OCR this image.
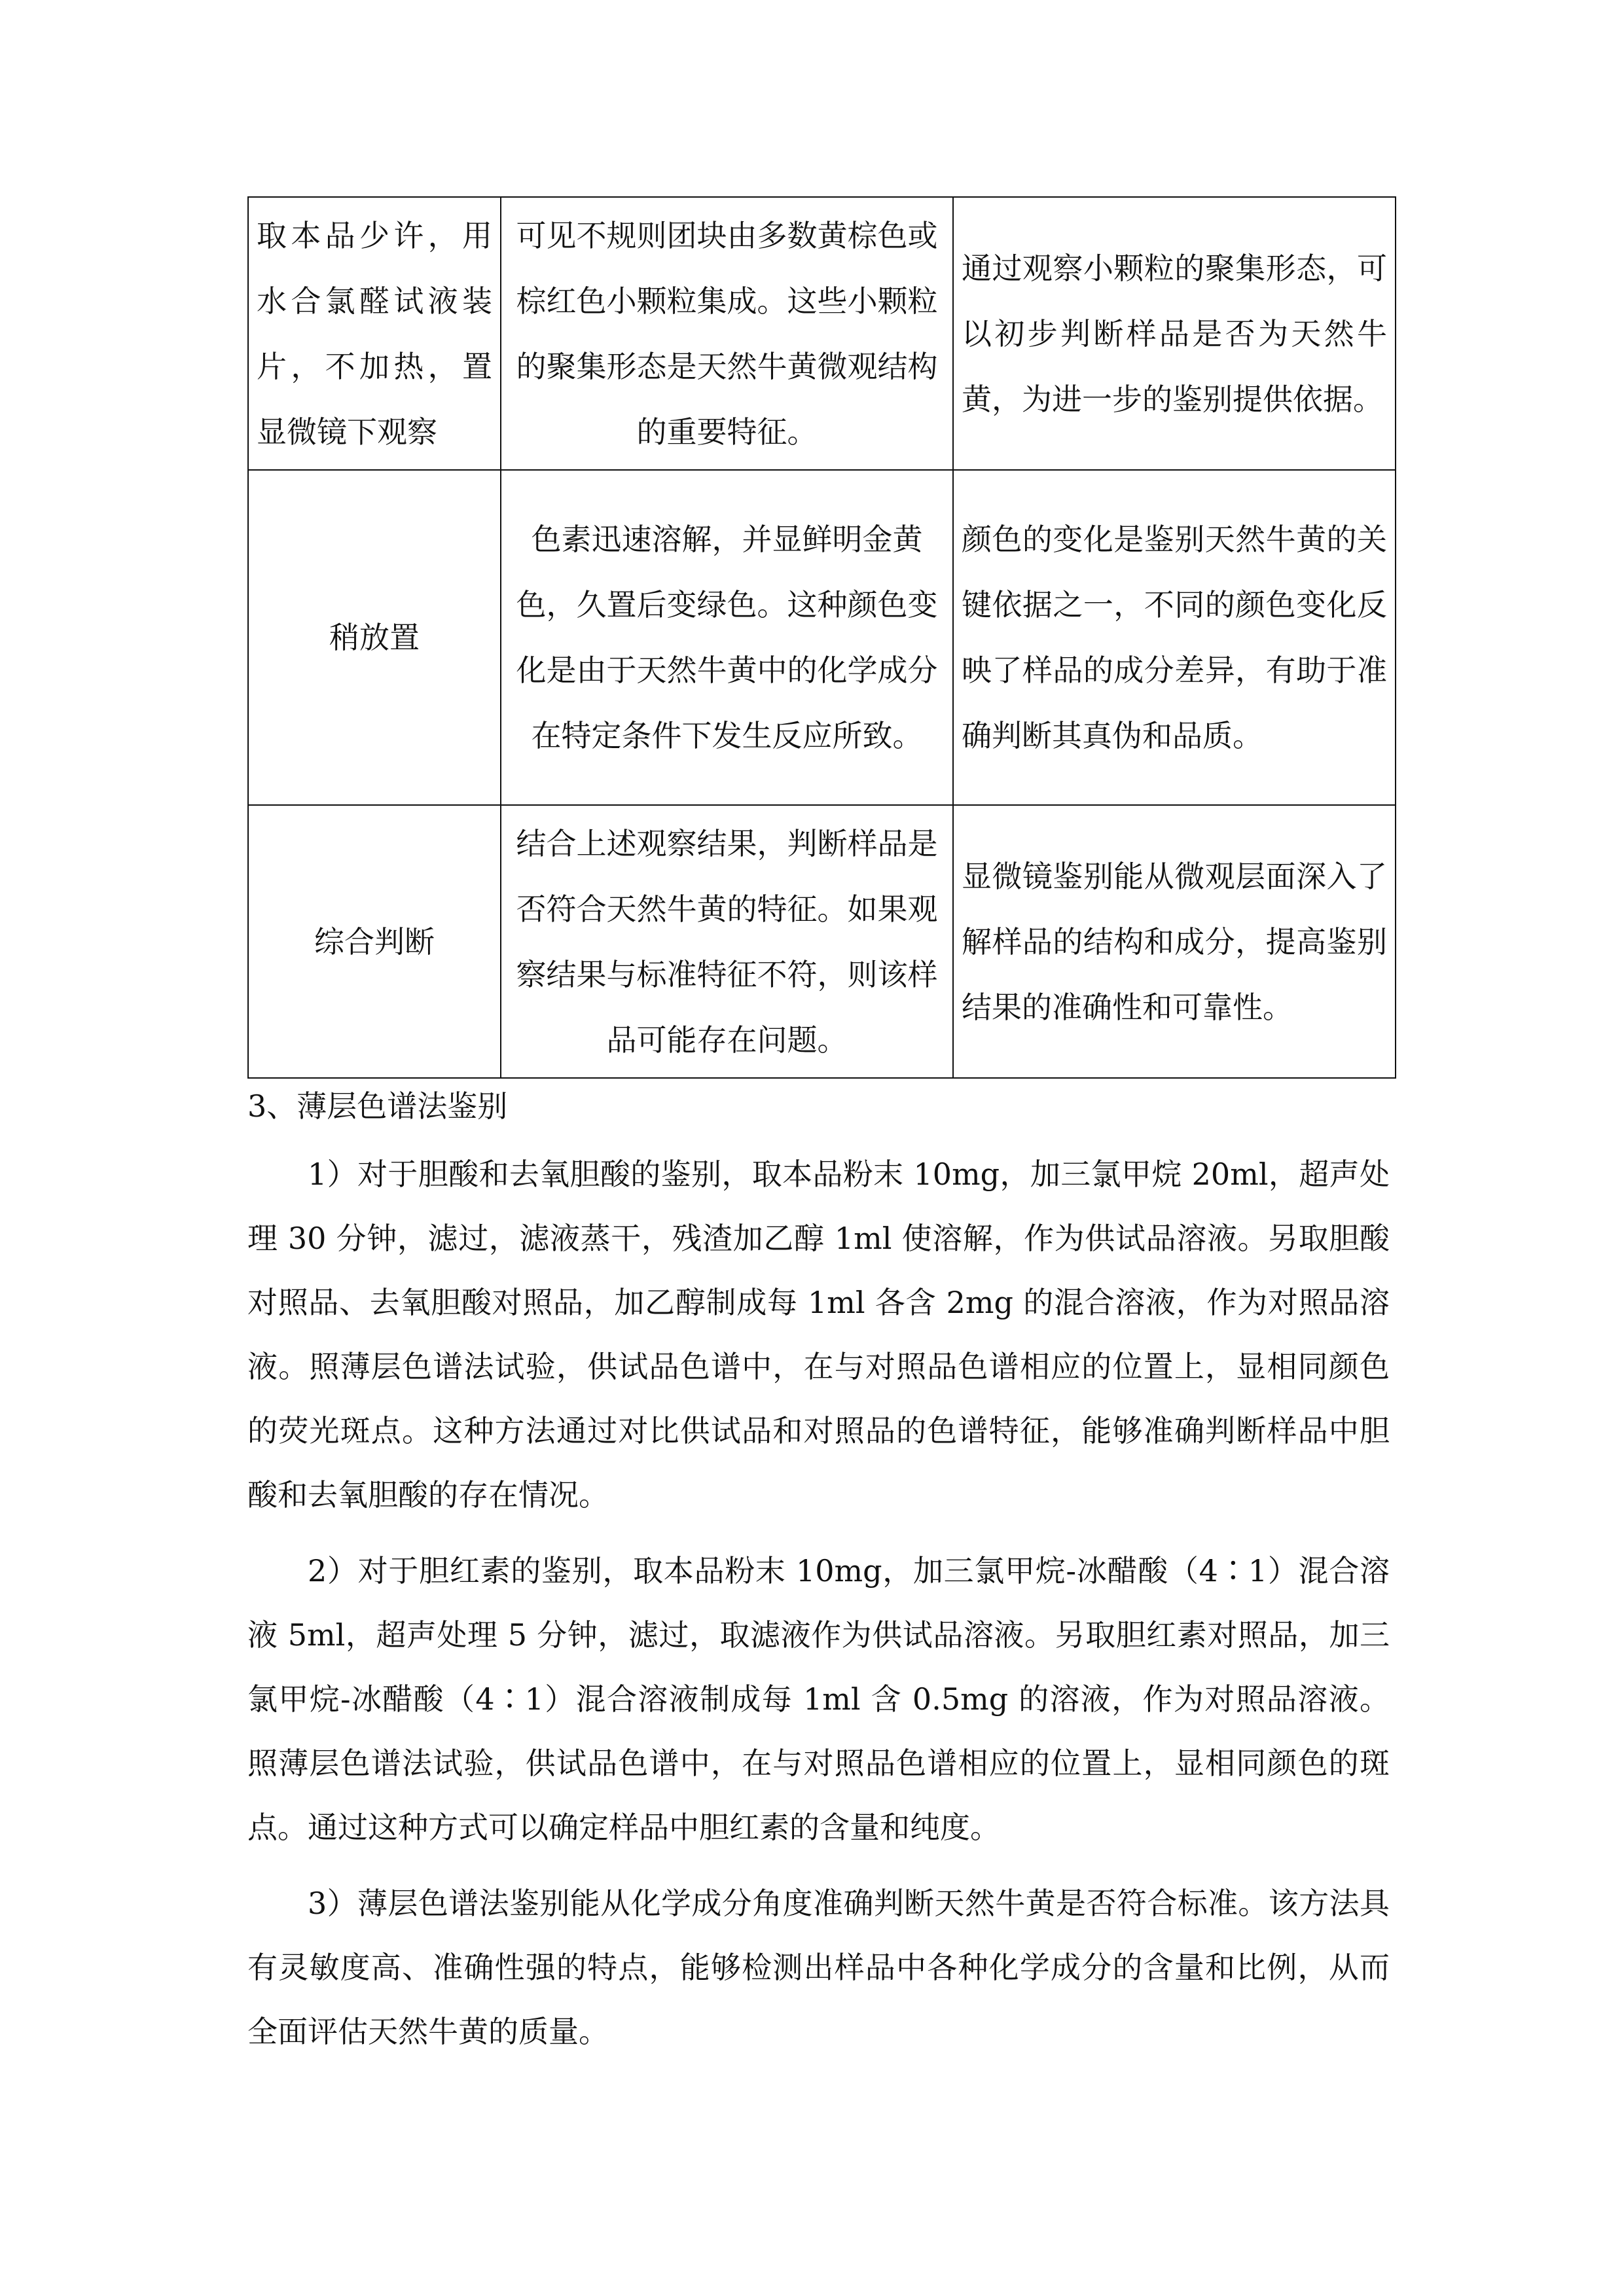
取本品少许，用水合氯醛试液装片，不加热，置显微镜下观察	可见不规则团块由多数黄棕色或棕红色小颗粒集成。这些小颗粒的聚集形态是天然牛黄微观结构的重要特征。	通过观察小颗粒的聚集形态，可以初步判断样品是否为天然牛黄，为进一步的鉴别提供依据。
稍放置	色素迅速溶解，并显鲜明金黄色，久置后变绿色。这种颜色变化是由于天然牛黄中的化学成分在特定条件下发生反应所致。	颜色的变化是鉴别天然牛黄的关键依据之一，不同的颜色变化反映了样品的成分差异，有助于准确判断其真伪和品质。
综合判断	结合上述观察结果，判断样品是否符合天然牛黄的特征。如果观察结果与标准特征不符，则该样品可能存在问题。	显微镜鉴别能从微观层面深入了解样品的结构和成分，提高鉴别结果的准确性和可靠性。
3、薄层色谱法鉴别

1）对于胆酸和去氧胆酸的鉴别，取本品粉末 10mg，加三氯甲烷 20ml，超声处理 30 分钟，滤过，滤液蒸干，残渣加乙醇 1ml 使溶解，作为供试品溶液。另取胆酸对照品、去氧胆酸对照品，加乙醇制成每 1ml 各含 2mg 的混合溶液，作为对照品溶液。照薄层色谱法试验，供试品色谱中，在与对照品色谱相应的位置上，显相同颜色的荧光斑点。这种方法通过对比供试品和对照品的色谱特征，能够准确判断样品中胆酸和去氧胆酸的存在情况。

2）对于胆红素的鉴别，取本品粉末 10mg，加三氯甲烷-冰醋酸（4∶1）混合溶液 5ml，超声处理 5 分钟，滤过，取滤液作为供试品溶液。另取胆红素对照品，加三氯甲烷-冰醋酸（4∶1）混合溶液制成每 1ml 含 0.5mg 的溶液，作为对照品溶液。照薄层色谱法试验，供试品色谱中，在与对照品色谱相应的位置上，显相同颜色的斑点。通过这种方式可以确定样品中胆红素的含量和纯度。

3）薄层色谱法鉴别能从化学成分角度准确判断天然牛黄是否符合标准。该方法具有灵敏度高、准确性强的特点，能够检测出样品中各种化学成分的含量和比例，从而全面评估天然牛黄的质量。
